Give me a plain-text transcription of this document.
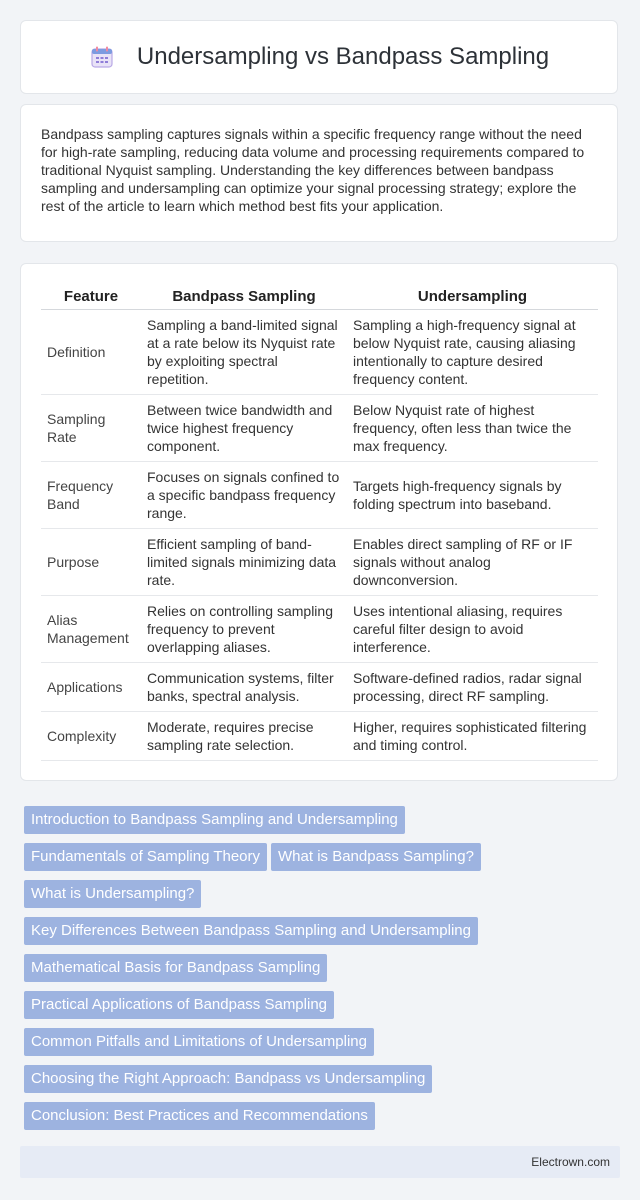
Undersampling vs Bandpass Sampling
Bandpass sampling captures signals within a specific frequency range without the need for high-rate sampling, reducing data volume and processing requirements compared to traditional Nyquist sampling. Understanding the key differences between bandpass sampling and undersampling can optimize your signal processing strategy; explore the rest of the article to learn which method best fits your application.
Feature	Bandpass Sampling	Undersampling
Definition	Sampling a band-limited signal at a rate below its Nyquist rate by exploiting spectral repetition.	Sampling a high-frequency signal at below Nyquist rate, causing aliasing intentionally to capture desired frequency content.
Sampling Rate	Between twice bandwidth and twice highest frequency component.	Below Nyquist rate of highest frequency, often less than twice the max frequency.
Frequency Band	Focuses on signals confined to a specific bandpass frequency range.	Targets high-frequency signals by folding spectrum into baseband.
Purpose	Efficient sampling of band-limited signals minimizing data rate.	Enables direct sampling of RF or IF signals without analog downconversion.
Alias Management	Relies on controlling sampling frequency to prevent overlapping aliases.	Uses intentional aliasing, requires careful filter design to avoid interference.
Applications	Communication systems, filter banks, spectral analysis.	Software-defined radios, radar signal processing, direct RF sampling.
Complexity	Moderate, requires precise sampling rate selection.	Higher, requires sophisticated filtering and timing control.
Introduction to Bandpass Sampling and Undersampling
Fundamentals of Sampling Theory What is Bandpass Sampling?
What is Undersampling?
Key Differences Between Bandpass Sampling and Undersampling
Mathematical Basis for Bandpass Sampling
Practical Applications of Bandpass Sampling
Common Pitfalls and Limitations of Undersampling
Choosing the Right Approach: Bandpass vs Undersampling
Conclusion: Best Practices and Recommendations
Electrown.com
